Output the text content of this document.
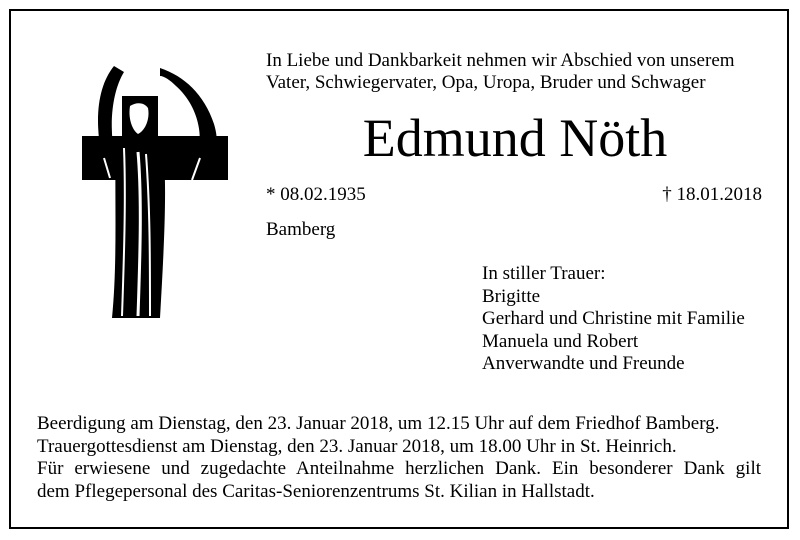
In Liebe und Dankbarkeit nehmen wir Abschied von unserem
Vater, Schwiegervater, Opa, Uropa, Bruder und Schwager
Edmund Nöth
* 08.02.1935	† 18.01.2018
Bamberg
In stiller Trauer:
Brigitte
Gerhard und Christine mit Familie
Manuela und Robert
Anverwandte und Freunde
Beerdigung am Dienstag, den 23. Januar 2018, um 12.15 Uhr auf dem Friedhof Bamberg.
Trauergottesdienst am Dienstag, den 23. Januar 2018, um 18.00 Uhr in St. Heinrich.
Für erwiesene und zugedachte Anteilnahme herzlichen Dank. Ein besonderer Dank gilt
dem Pflegepersonal des Caritas-Seniorenzentrums St. Kilian in Hallstadt.
